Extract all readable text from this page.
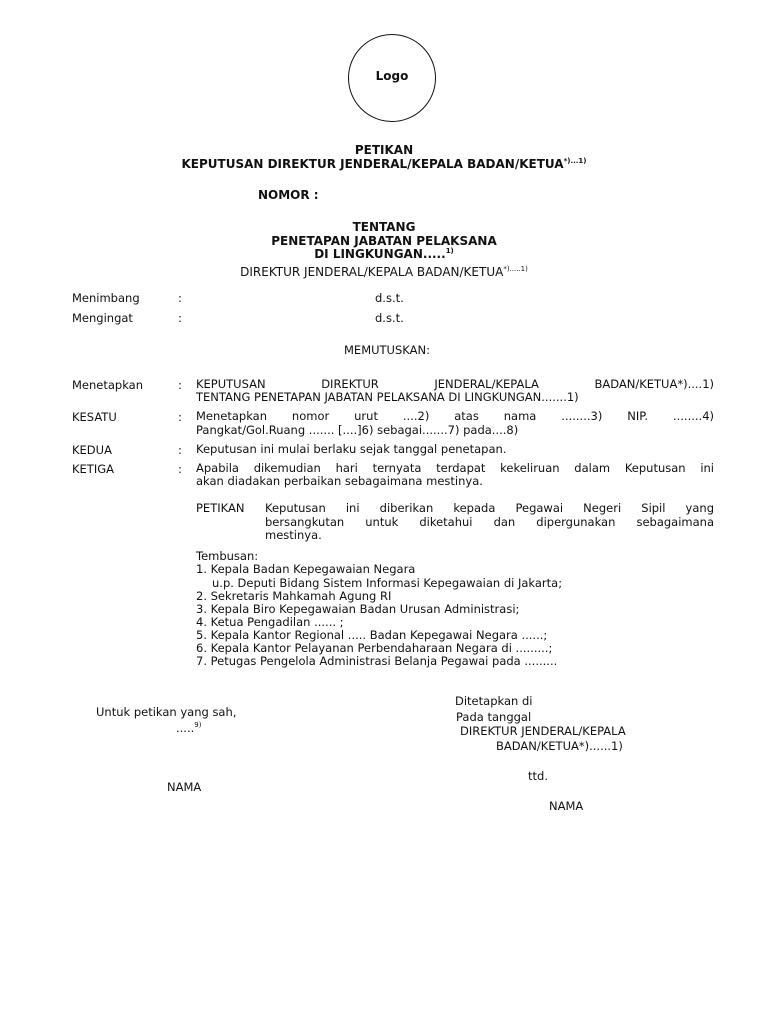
Logo
PETIKAN
KEPUTUSAN DIREKTUR JENDERAL/KEPALA BADAN/$KETUA^{*)...1)}$
NOMOR :
TENTANG
PENETAPAN JABATAN PELAKSANA
DI LINGKUNGAN.....$^{1)}$
DIREKTUR JENDERAL/KEPALA BADAN/$KETUA^{*).....1)}$
Menimbang	:	d.s.t.
Mengingat	:	d.s.t.
MEMUTUSKAN:
Menetapkan	: KEPUTUSAN DIREKTUR JENDERAL/KEPALA BADAN/KETUA*)....1)
TENTANG PENETAPAN JABATAN PELAKSANA DI LINGKUNGAN.......1)
KESATU	: Menetapkan nomor urut ....2) atas nama ........3) NIP. ........4)
Pangkat/Gol.Ruang ....... [....]6) sebagai.......7) pada....8)
KEDUA	: Keputusan ini mulai berlaku sejak tanggal penetapan.
KETIGA	: Apabila dikemudian hari ternyata terdapat kekeliruan dalam Keputusan ini
akan diadakan perbaikan sebagaimana mestinya.
PETIKAN Keputusan ini diberikan kepada Pegawai Negeri Sipil yang
bersangkutan untuk diketahui dan dipergunakan sebagaimana
mestinya.
Tembusan:
1. Kepala Badan Kepegawaian Negara
u.p. Deputi Bidang Sistem Informasi Kepegawaian di Jakarta;
2. Sekretaris Mahkamah Agung RI
3. Kepala Biro Kepegawaian Badan Urusan Administrasi;
4. Ketua Pengadilan ...... ;
5. Kepala Kantor Regional ..... Badan Kepegawai Negara ......;
6. Kepala Kantor Pelayanan Perbendaharaan Negara di .........;
7. Petugas Pengelola Administrasi Belanja Pegawai pada .........
Untuk petikan yang sah,
.....$^{9)}$
NAMA
Ditetapkan di
Pada tanggal
DIREKTUR JENDERAL/KEPALA
BADAN/KETUA*)......1)
ttd.
NAMA
